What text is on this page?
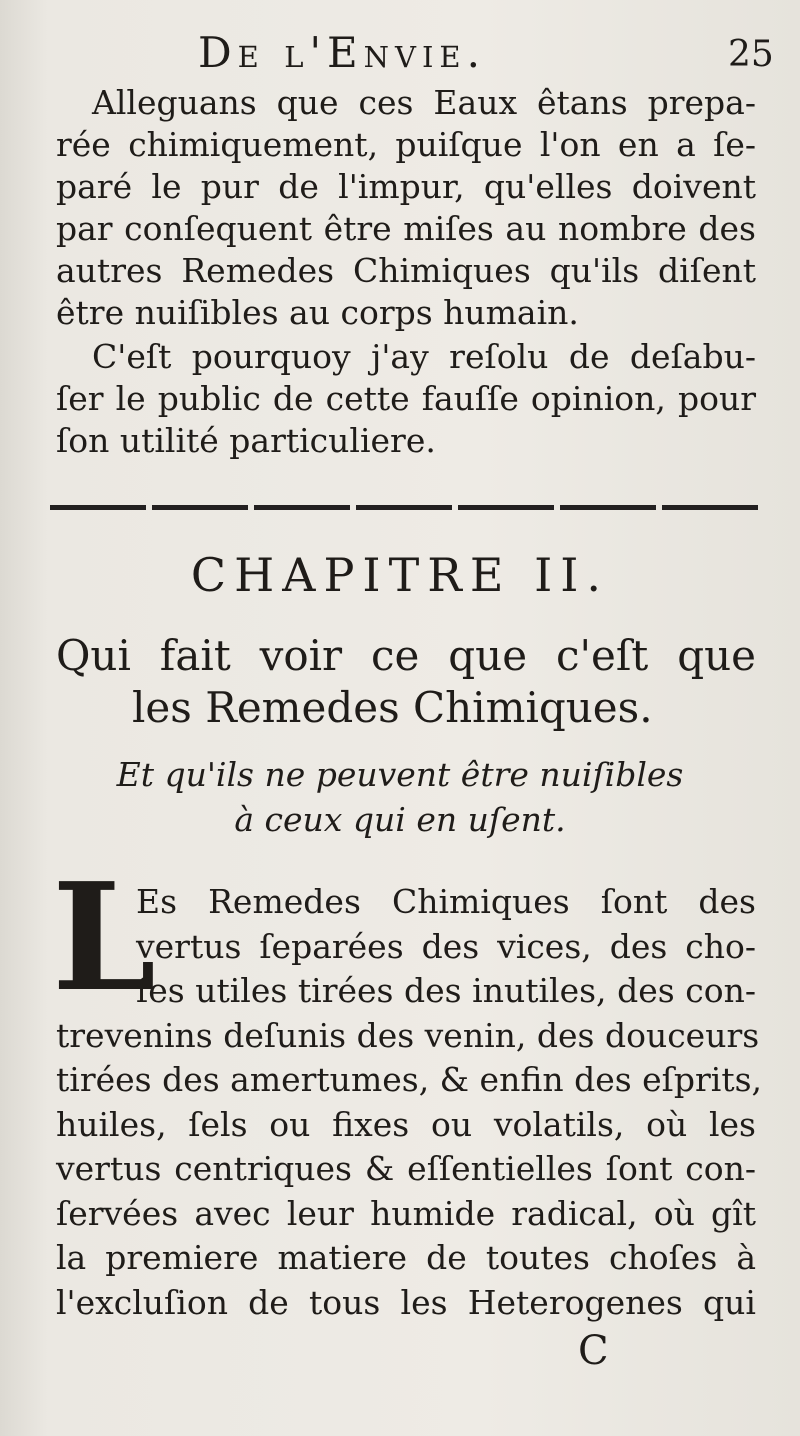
De l'Envie.	25
Alleguans que ces Eaux êtans prepa-
rée chimiquement, puiſque l'on en a ſe-
paré le pur de l'impur, qu'elles doivent
par conſequent être miſes au nombre des
autres Remedes Chimiques qu'ils diſent
être nuiſibles au corps humain.
C'eſt pourquoy j'ay reſolu de deſabu-
ſer le public de cette fauſſe opinion, pour
ſon utilité particuliere.
CHAPITRE II.
Qui fait voir ce que c'eſt que
les Remedes Chimiques.
Et qu'ils ne peuvent être nuiſibles
à ceux qui en uſent.
L
Es Remedes Chimiques ſont des
vertus ſeparées des vices, des cho-
ſes utiles tirées des inutiles, des con-
trevenins deſunis des venin, des douceurs
tirées des amertumes, & enfin des eſprits,
huiles, ſels ou fixes ou volatils, où les
vertus centriques & eſſentielles ſont con-
ſervées avec leur humide radical, où gît
la premiere matiere de toutes choſes à
l'excluſion de tous les Heterogenes qui
C
